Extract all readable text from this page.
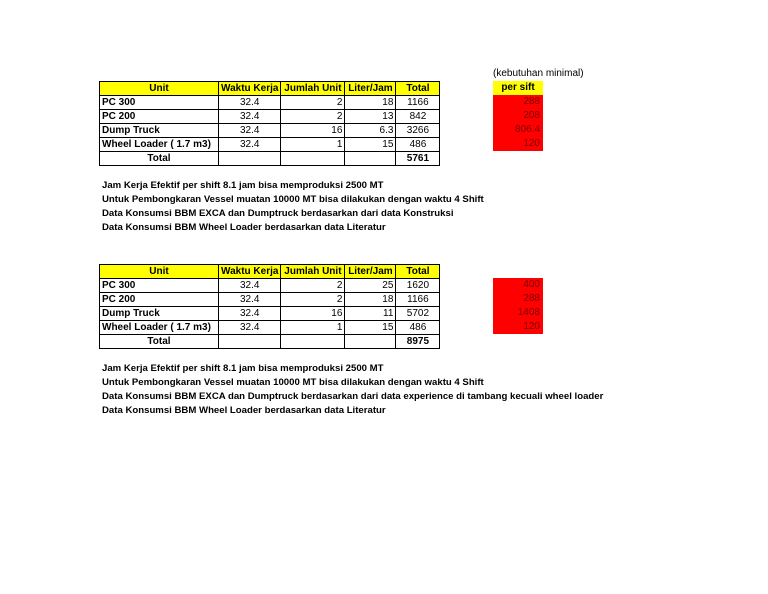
Unit	Waktu Kerja	Jumlah Unit	Liter/Jam	Total
PC 300	32.4	2	18	1166
PC 200	32.4	2	13	842
Dump Truck	32.4	16	6.3	3266
Wheel Loader ( 1.7 m3)	32.4	1	15	486
Total				5761
(kebutuhan minimal)
per sift
288
208
806.4
120
Jam Kerja Efektif per shift 8.1 jam bisa memproduksi 2500 MT
Untuk Pembongkaran Vessel muatan 10000 MT bisa dilakukan dengan waktu 4 Shift
Data Konsumsi BBM EXCA dan Dumptruck berdasarkan dari data Konstruksi
Data Konsumsi BBM Wheel Loader berdasarkan data Literatur
Unit	Waktu Kerja	Jumlah Unit	Liter/Jam	Total
PC 300	32.4	2	25	1620
PC 200	32.4	2	18	1166
Dump Truck	32.4	16	11	5702
Wheel Loader ( 1.7 m3)	32.4	1	15	486
Total				8975
400
288
1408
120
Jam Kerja Efektif per shift 8.1 jam bisa memproduksi 2500 MT
Untuk Pembongkaran Vessel muatan 10000 MT bisa dilakukan dengan waktu 4 Shift
Data Konsumsi BBM EXCA dan Dumptruck berdasarkan dari data experience di tambang kecuali wheel loader
Data Konsumsi BBM Wheel Loader berdasarkan data Literatur
